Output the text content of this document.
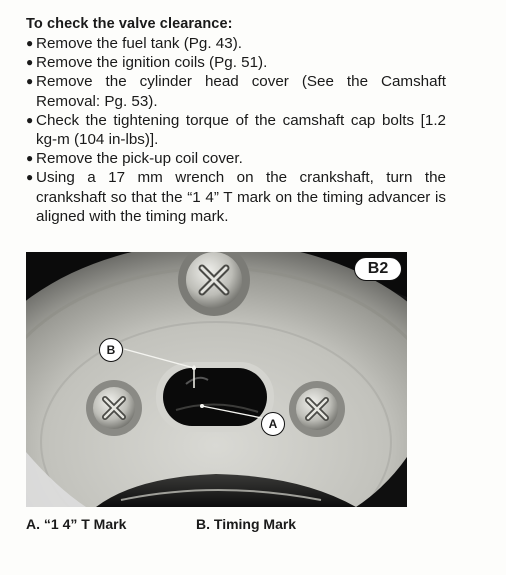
To check the valve clearance:
● Remove the fuel tank (Pg. 43).
● Remove the ignition coils (Pg. 51).
● Remove the cylinder head cover (See the Camshaft Removal: Pg. 53).
● Check the tightening torque of the camshaft cap bolts [1.2 kg-m (104 in-lbs)].
● Remove the pick-up coil cover.
● Using a 17 mm wrench on the crankshaft, turn the crankshaft so that the “1 4” T mark on the timing advancer is aligned with the timing mark.
B2
B
A
A. “1 4” T Mark	B. Timing Mark
